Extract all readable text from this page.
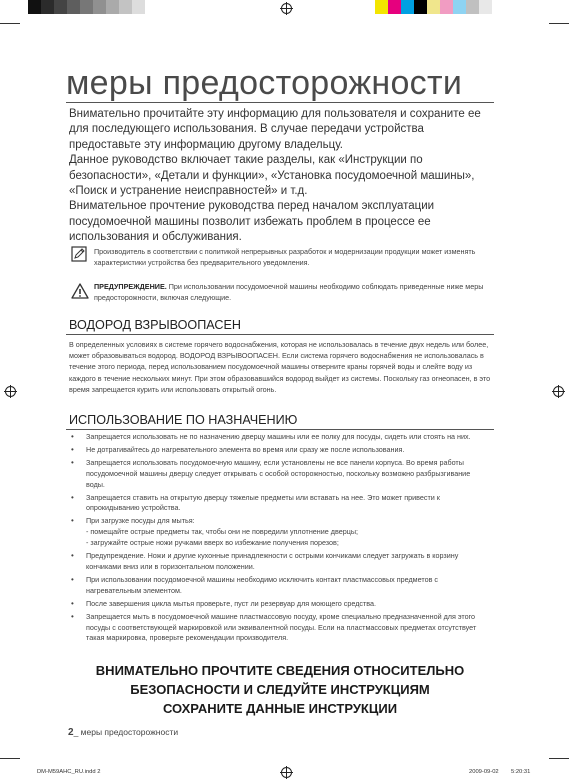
меры предосторожности

Внимательно прочитайте эту информацию для пользователя и сохраните ее для последующего использования. В случае передачи устройства предоставьте эту информацию другому владельцу.

Данное руководство включает такие разделы, как «Инструкции по безопасности», «Детали и функции», «Установка посудомоечной машины», «Поиск и устранение неисправностей» и т.д.

Внимательное прочтение руководства перед началом эксплуатации посудомоечной машины позволит избежать проблем в процессе ее использования и обслуживания.

Производитель в соответствии с политикой непрерывных разработок и модернизации продукции может изменять характеристики устройства без предварительного уведомления.
ПРЕДУПРЕЖДЕНИЕ. При использовании посудомоечной машины необходимо соблюдать приведенные ниже меры предосторожности, включая следующие.
ВОДОРОД ВЗРЫВООПАСЕН
В определенных условиях в системе горячего водоснабжения, которая не использовалась в течение двух недель или более, может образовываться водород. ВОДОРОД ВЗРЫВООПАСЕН. Если система горячего водоснабжения не использовалась в течение этого периода, перед использованием посудомоечной машины отверните краны горячей воды и слейте воду из каждого в течение нескольких минут. При этом образовавшийся водород выйдет из системы. Поскольку газ огнеопасен, в это время запрещается курить или использовать открытый огонь.
ИСПОЛЬЗОВАНИЕ ПО НАЗНАЧЕНИЮ
• Запрещается использовать не по назначению дверцу машины или ее полку для посуды, сидеть или стоять на них.
• Не дотрагивайтесь до нагревательного элемента во время или сразу же после использования.
• Запрещается использовать посудомоечную машину, если установлены не все панели корпуса. Во время работы посудомоечной машины дверцу следует открывать с особой осторожностью, поскольку возможно разбрызгивание воды.
• Запрещается ставить на открытую дверцу тяжелые предметы или вставать на нее. Это может привести к опрокидыванию устройства.
• При загрузке посуды для мытья:
- помещайте острые предметы так, чтобы они не повредили уплотнение дверцы;
- загружайте острые ножи ручками вверх во избежание получения порезов;
• Предупреждение. Ножи и другие кухонные принадлежности с острыми кончиками следует загружать в корзину кончиками вниз или в горизонтальном положении.
• При использовании посудомоечной машины необходимо исключить контакт пластмассовых предметов с нагревательным элементом.
• После завершения цикла мытья проверьте, пуст ли резервуар для моющего средства.
• Запрещается мыть в посудомоечной машине пластмассовую посуду, кроме специально предназначенной для этого посуды с соответствующей маркировкой или эквивалентной посуды. Если на пластмассовых предметах отсутствует такая маркировка, проверьте рекомендации производителя.
ВНИМАТЕЛЬНО ПРОЧТИТЕ СВЕДЕНИЯ ОТНОСИТЕЛЬНО
БЕЗОПАСНОСТИ И СЛЕДУЙТЕ ИНСТРУКЦИЯМ
СОХРАНИТЕ ДАННЫЕ ИНСТРУКЦИИ
2_ меры предосторожности
DM-M59AHC_RU.indd 2	2009-09-02 5:20:31
